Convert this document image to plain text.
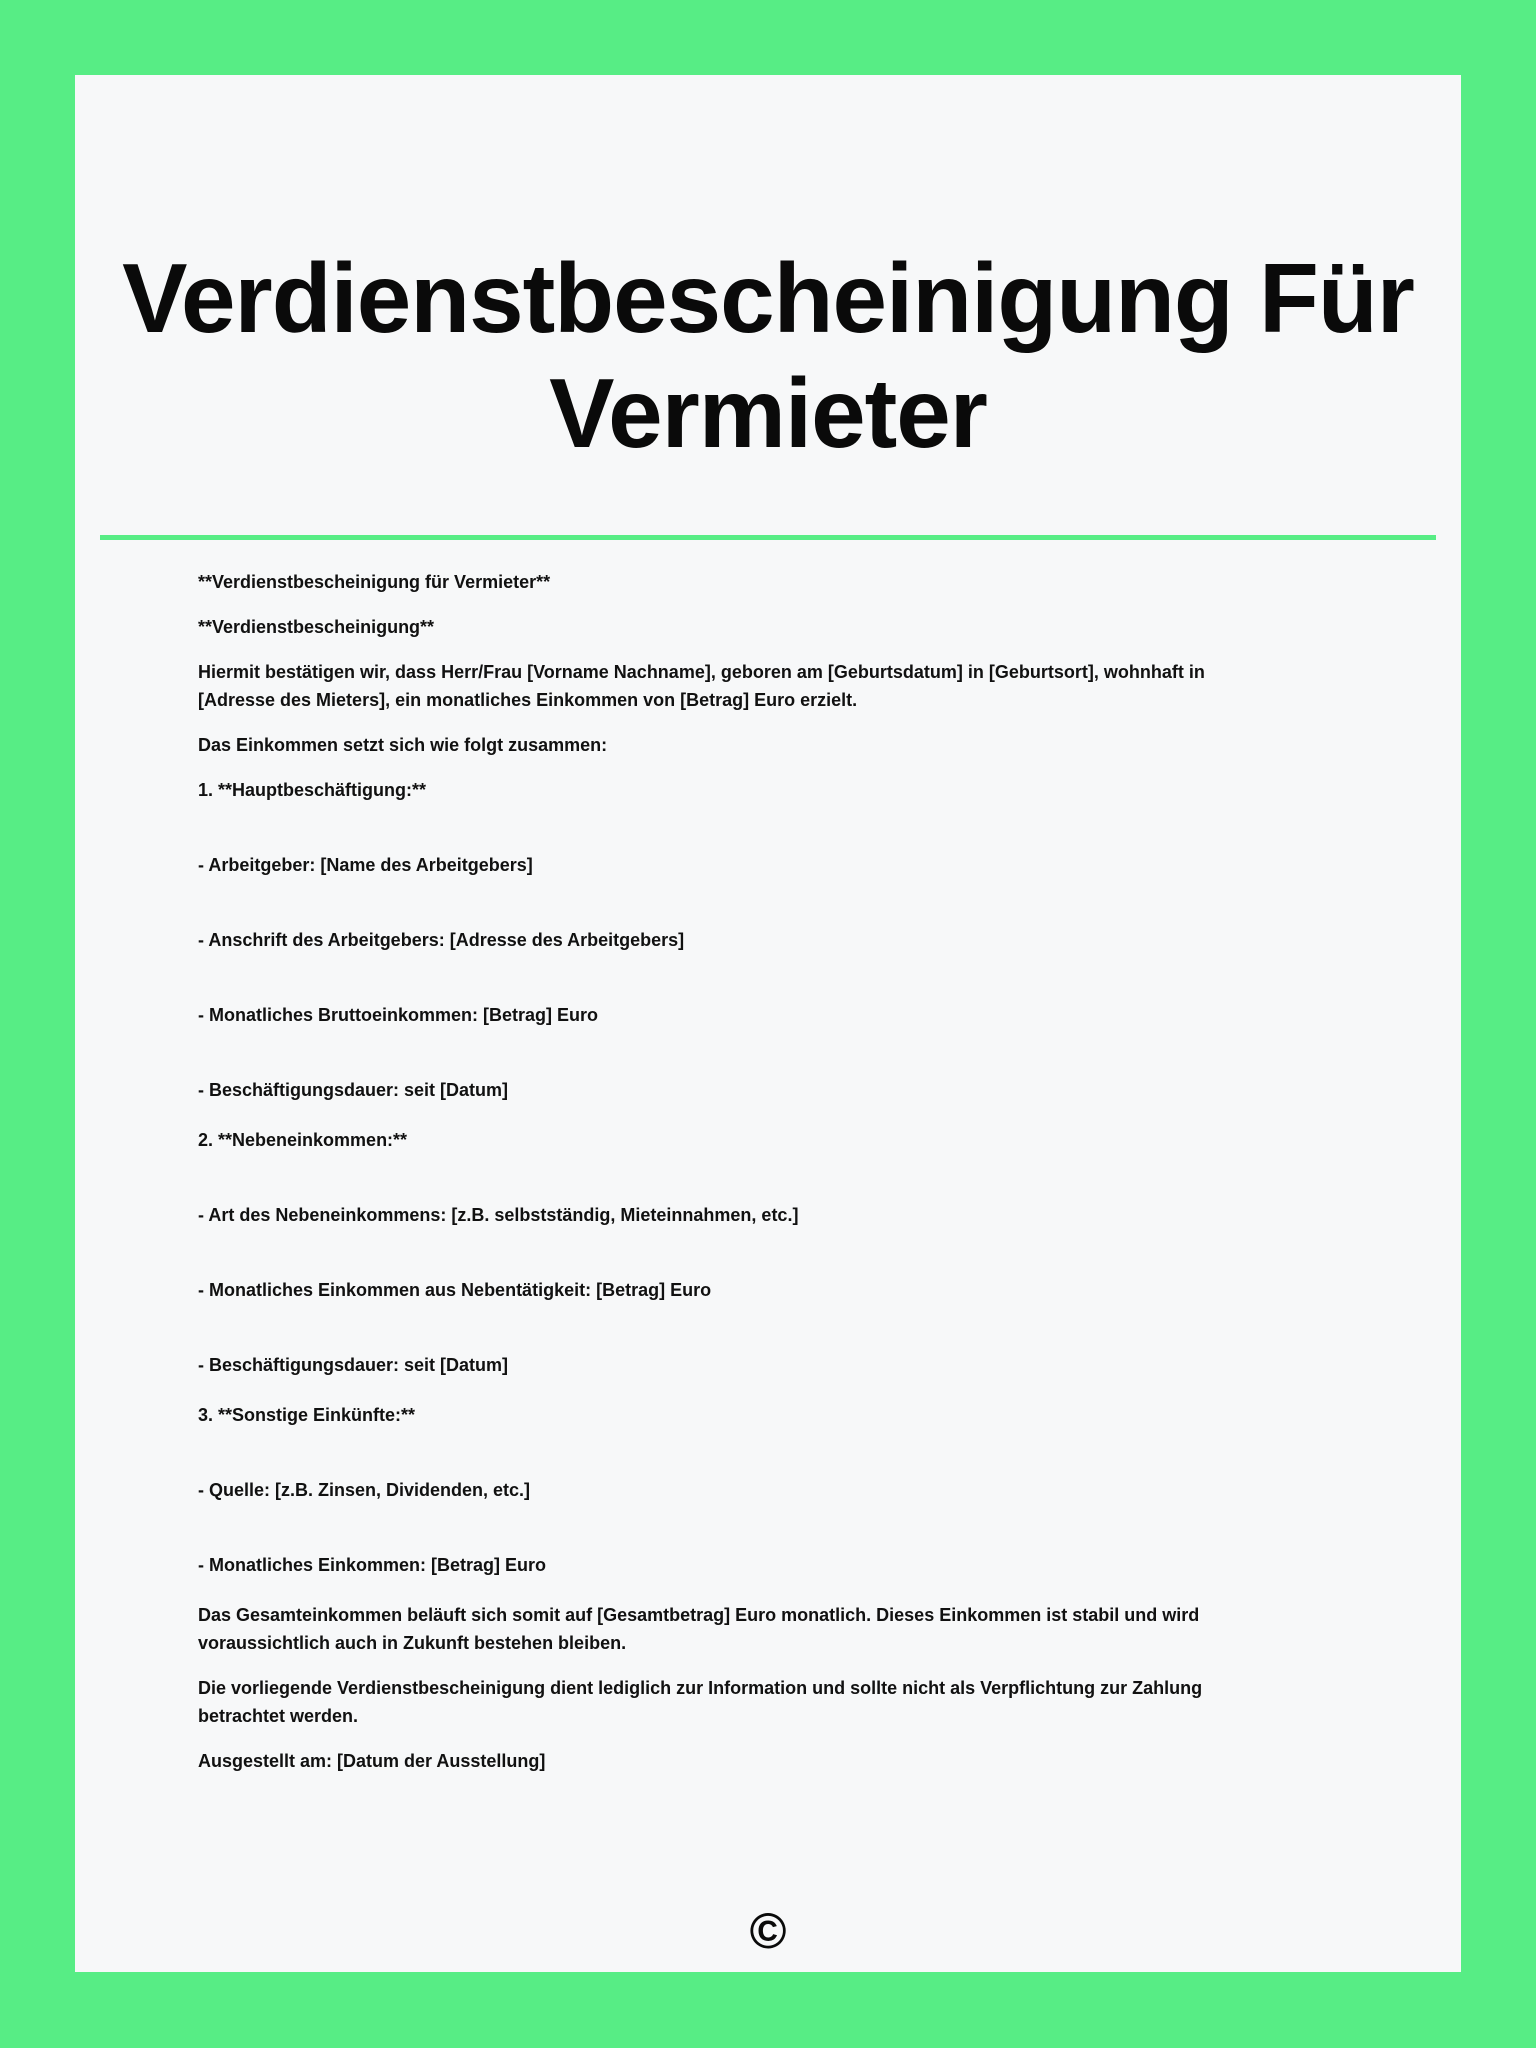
Verdienstbescheinigung Für Vermieter

**Verdienstbescheinigung für Vermieter**

**Verdienstbescheinigung**

Hiermit bestätigen wir, dass Herr/Frau [Vorname Nachname], geboren am [Geburtsdatum] in [Geburtsort], wohnhaft in [Adresse des Mieters], ein monatliches Einkommen von [Betrag] Euro erzielt.

Das Einkommen setzt sich wie folgt zusammen:

1. **Hauptbeschäftigung:**

- Arbeitgeber: [Name des Arbeitgebers]

- Anschrift des Arbeitgebers: [Adresse des Arbeitgebers]

- Monatliches Bruttoeinkommen: [Betrag] Euro

- Beschäftigungsdauer: seit [Datum]

2. **Nebeneinkommen:**

- Art des Nebeneinkommens: [z.B. selbstständig, Mieteinnahmen, etc.]

- Monatliches Einkommen aus Nebentätigkeit: [Betrag] Euro

- Beschäftigungsdauer: seit [Datum]

3. **Sonstige Einkünfte:**

- Quelle: [z.B. Zinsen, Dividenden, etc.]

- Monatliches Einkommen: [Betrag] Euro

Das Gesamteinkommen beläuft sich somit auf [Gesamtbetrag] Euro monatlich. Dieses Einkommen ist stabil und wird voraussichtlich auch in Zukunft bestehen bleiben.

Die vorliegende Verdienstbescheinigung dient lediglich zur Information und sollte nicht als Verpflichtung zur Zahlung betrachtet werden.

Ausgestellt am: [Datum der Ausstellung]

©
